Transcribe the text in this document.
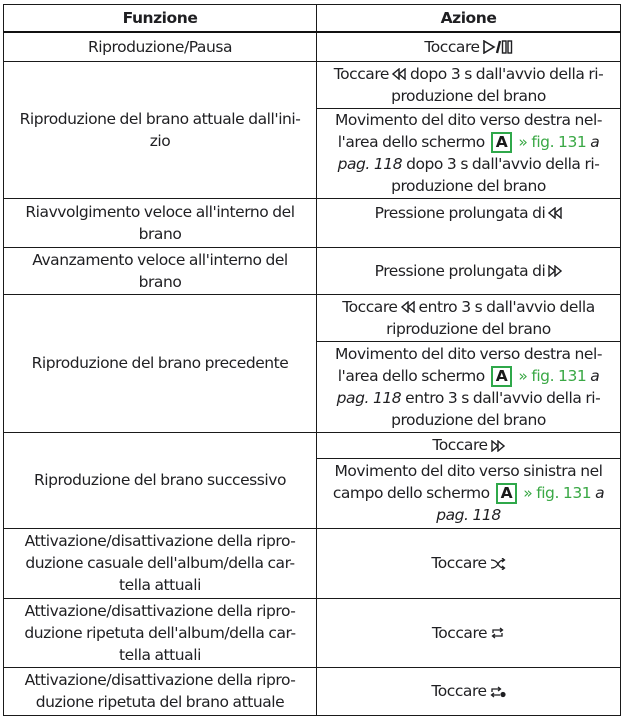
Funzione	Azione
Riproduzione/Pausa	Toccare

Riproduzione del brano attuale dall'ini-zio	Toccare dopo 3 s dall'avvio della ri-produzione del brano
	Movimento del dito verso destra nel-l'area dello schermo A » fig. 131 a pag. 118 dopo 3 s dall'avvio della ri-produzione del brano
Riavvolgimento veloce all'interno del brano	Pressione prolungata di

Avanzamento veloce all'interno del brano	Pressione prolungata di

Riproduzione del brano precedente	Toccare entro 3 s dall'avvio della riproduzione del brano
	Movimento del dito verso destra nel-l'area dello schermo A » fig. 131 a pag. 118 entro 3 s dall'avvio della ri-produzione del brano
Riproduzione del brano successivo	Toccare

	Movimento del dito verso sinistra nel campo dello schermo A » fig. 131 a pag. 118
Attivazione/disattivazione della ripro-duzione casuale dell'album/della car-tella attuali	Toccare

Attivazione/disattivazione della ripro-duzione ripetuta dell'album/della car-tella attuali	Toccare

Attivazione/disattivazione della ripro-duzione ripetuta del brano attuale	Toccare
